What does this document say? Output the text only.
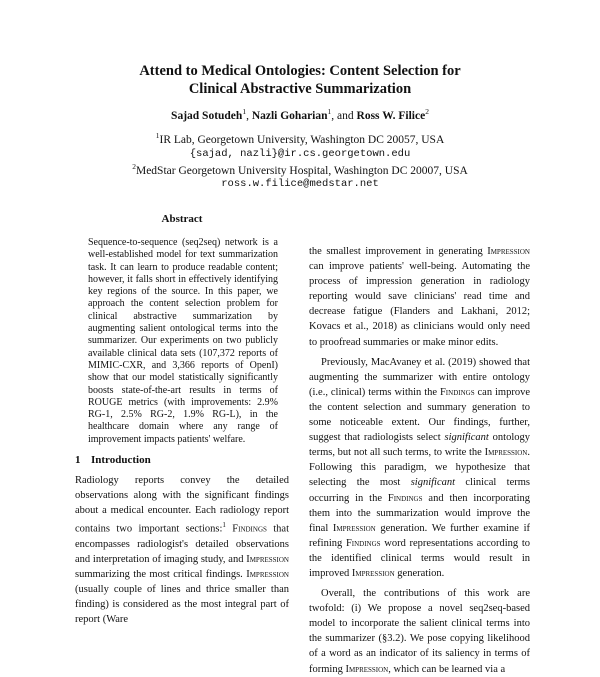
Attend to Medical Ontologies: Content Selection for
Clinical Abstractive Summarization
Sajad Sotudeh$^1$, Nazli Goharian$^1$, and Ross W. Filice$^2$
$^1$IR Lab, Georgetown University, Washington DC 20057, USA
{sajad, nazli}@ir.cs.georgetown.edu
$^2$MedStar Georgetown University Hospital, Washington DC 20007, USA
ross.w.filice@medstar.net
Abstract
Sequence-to-sequence (seq2seq) network is a well-established model for text summarization task. It can learn to produce readable content; however, it falls short in effectively identifying key regions of the source. In this paper, we approach the content selection problem for clinical abstractive summarization by augmenting salient ontological terms into the summarizer. Our experiments on two publicly available clinical data sets (107,372 reports of MIMIC-CXR, and 3,366 reports of OpenI) show that our model statistically significantly boosts state-of-the-art results in terms of ROUGE metrics (with improvements: 2.9% RG-1, 2.5% RG-2, 1.9% RG-L), in the healthcare domain where any range of improvement impacts patients' welfare.
1 Introduction

Radiology reports convey the detailed observations along with the significant findings about a medical encounter. Each radiology report contains two important sections:$^1$ Findings that encompasses radiologist's detailed observations and interpretation of imaging study, and Impression summarizing the most critical findings. Impression (usually couple of lines and thrice smaller than finding) is considered as the most integral part of report (Ware

the smallest improvement in generating Impression can improve patients' well-being. Automating the process of impression generation in radiology reporting would save clinicians' read time and decrease fatigue (Flanders and Lakhani, 2012; Kovacs et al., 2018) as clinicians would only need to proofread summaries or make minor edits.

Previously, MacAvaney et al. (2019) showed that augmenting the summarizer with entire ontology (i.e., clinical) terms within the Findings can improve the content selection and summary generation to some noticeable extent. Our findings, further, suggest that radiologists select significant ontology terms, but not all such terms, to write the Impression. Following this paradigm, we hypothesize that selecting the most significant clinical terms occurring in the Findings and then incorporating them into the summarization would improve the final Impression generation. We further examine if refining Findings word representations according to the identified clinical terms would result in improved Impression generation.

Overall, the contributions of this work are twofold: (i) We propose a novel seq2seq-based model to incorporate the salient clinical terms into the summarizer (§3.2). We pose copying likelihood of a word as an indicator of its saliency in terms of forming Impression, which can be learned via a
